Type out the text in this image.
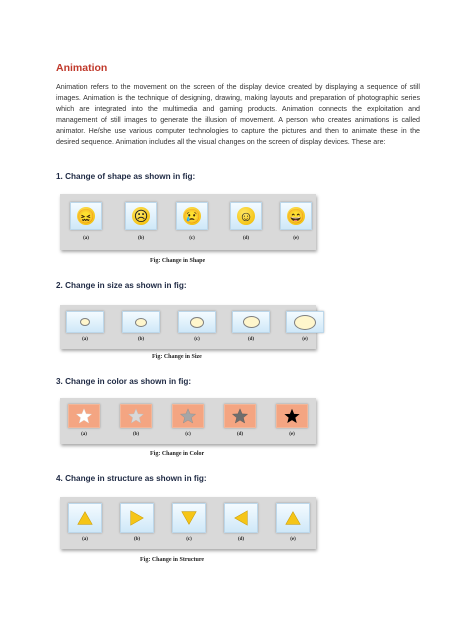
Animation
Animation refers to the movement on the screen of the display device created by displaying a sequence of still images. Animation is the technique of designing, drawing, making layouts and preparation of photographic series which are integrated into the multimedia and gaming products. Animation connects the exploitation and management of still images to generate the illusion of movement. A person who creates animations is called animator. He/she use various computer technologies to capture the pictures and then to animate these in the desired sequence. Animation includes all the visual changes on the screen of display devices. These are:
1. Change of shape as shown in fig:
😖	☹ 😢	☺ 😄
(a)	(b)	(c)	(d)	(e)
Fig: Change in Shape
2. Change in size as shown in fig:
(a)	(b)	(c)	(d)	(e)
Fig: Change in Size
3. Change in color as shown in fig:
(a)	(b)	(c)	(d)	(e)
Fig: Change in Color
4. Change in structure as shown in fig:
(a)	(b)	(c)	(d)	(e)
Fig: Change in Structure
